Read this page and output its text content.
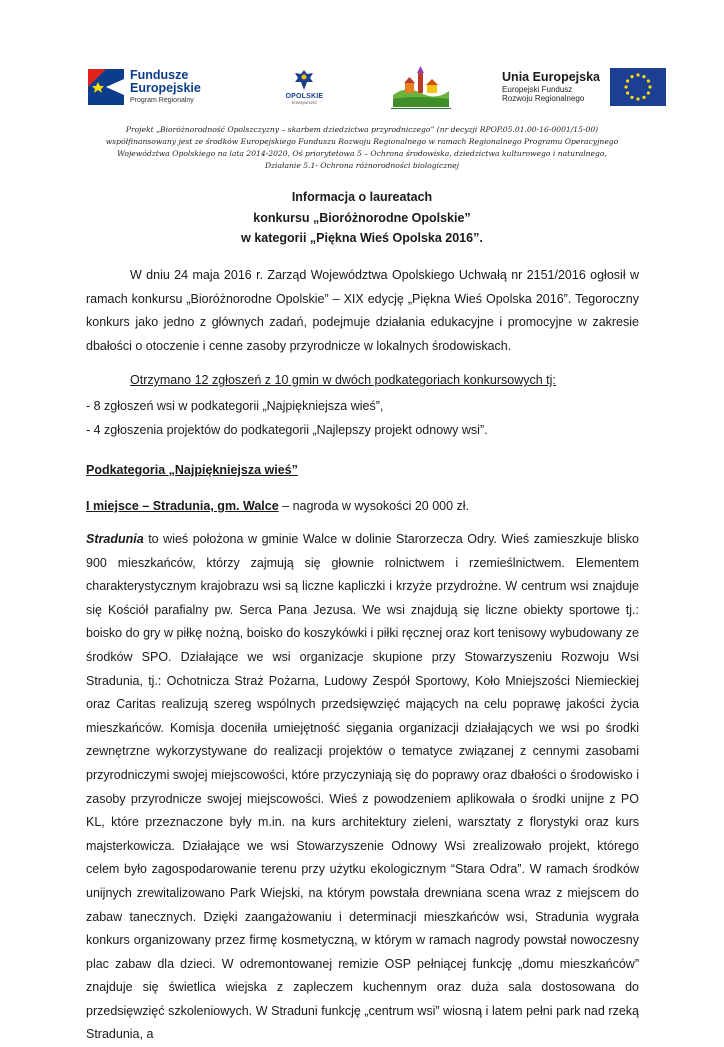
Fundusze
Europejskie
Program Regionalny
OPOLSKIE
kreatywność
Unia Europejska
Europejski Fundusz
Rozwoju Regionalnego
Projekt „Bioróżnorodność Opolszczyzny – skarbem dziedzictwa przyrodniczego” (nr decyzji RPOP.05.01.00-16-0001/15-00)
współfinansowany jest ze środków Europejskiego Funduszu Rozwoju Regionalnego w ramach Regionalnego Programu Operacyjnego
Województwa Opolskiego na lata 2014-2020, Oś priorytetowa 5 – Ochrona środowiska, dziedzictwa kulturowego i naturalnego,
Działanie 5.1- Ochrona różnorodności biologicznej
Informacja o laureatach
konkursu „Bioróżnorodne Opolskie”
w kategorii „Piękna Wieś Opolska 2016”.
W dniu 24 maja 2016 r. Zarząd Województwa Opolskiego Uchwałą nr 2151/2016 ogłosił w ramach konkursu „Bioróżnorodne Opolskie” – XIX edycję „Piękna Wieś Opolska 2016”. Tegoroczny konkurs jako jedno z głównych zadań, podejmuje działania edukacyjne i promocyjne w zakresie dbałości o otoczenie i cenne zasoby przyrodnicze w lokalnych środowiskach.
Otrzymano 12 zgłoszeń z 10 gmin w dwóch podkategoriach konkursowych tj:
- 8 zgłoszeń wsi w podkategorii „Najpiękniejsza wieś”,
- 4 zgłoszenia projektów do podkategorii „Najlepszy projekt odnowy wsi”.
Podkategoria „Najpiękniejsza wieś”
I miejsce – Stradunia, gm. Walce – nagroda w wysokości 20 000 zł.
Stradunia to wieś położona w gminie Walce w dolinie Starorzecza Odry. Wieś zamieszkuje blisko 900 mieszkańców, którzy zajmują się głownie rolnictwem i rzemieślnictwem. Elementem charakterystycznym krajobrazu wsi są liczne kapliczki i krzyże przydrożne. W centrum wsi znajduje się Kościół parafialny pw. Serca Pana Jezusa. We wsi znajdują się liczne obiekty sportowe tj.: boisko do gry w piłkę nożną, boisko do koszykówki i piłki ręcznej oraz kort tenisowy wybudowany ze środków SPO. Działające we wsi organizacje skupione przy Stowarzyszeniu Rozwoju Wsi Stradunia, tj.: Ochotnicza Straż Pożarna, Ludowy Zespół Sportowy, Koło Mniejszości Niemieckiej oraz Caritas realizują szereg wspólnych przedsięwzięć mających na celu poprawę jakości życia mieszkańców. Komisja doceniła umiejętność sięgania organizacji działających we wsi po środki zewnętrzne wykorzystywane do realizacji projektów o tematyce związanej z cennymi zasobami przyrodniczymi swojej miejscowości, które przyczyniają się do poprawy oraz dbałości o środowisko i zasoby przyrodnicze swojej miejscowości. Wieś z powodzeniem aplikowała o środki unijne z PO KL, które przeznaczone były m.in. na kurs architektury zieleni, warsztaty z florystyki oraz kurs majsterkowicza. Działające we wsi Stowarzyszenie Odnowy Wsi zrealizowało projekt, którego celem było zagospodarowanie terenu przy użytku ekologicznym “Stara Odra”. W ramach środków unijnych zrewitalizowano Park Wiejski, na którym powstała drewniana scena wraz z miejscem do zabaw tanecznych. Dzięki zaangażowaniu i determinacji mieszkańców wsi, Stradunia wygrała konkurs organizowany przez firmę kosmetyczną, w którym w ramach nagrody powstał nowoczesny plac zabaw dla dzieci. W odremontowanej remizie OSP pełniącej funkcję „domu mieszkańców” znajduje się świetlica wiejska z zapleczem kuchennym oraz duża sala dostosowana do przedsięwzięć szkoleniowych. W Straduni funkcję „centrum wsi” wiosną i latem pełni park nad rzeką Stradunia, a
